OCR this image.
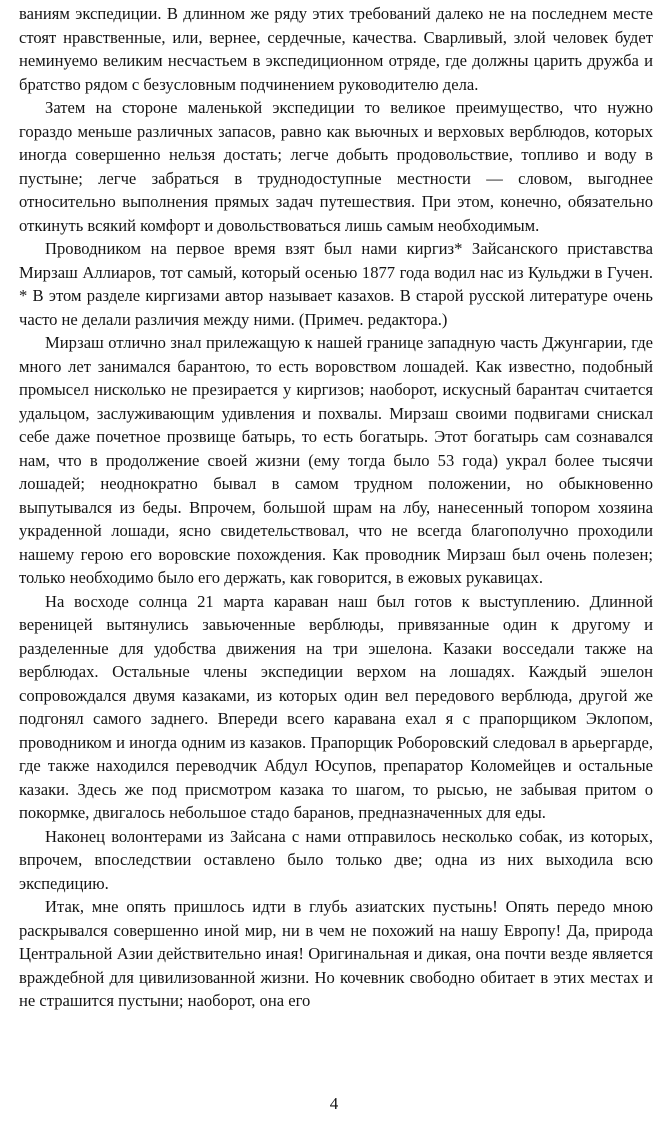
ваниям экспедиции. В длинном же ряду этих требований далеко не на последнем месте стоят нравственные, или, вернее, сердечные, качества. Сварливый, злой человек будет неминуемо великим несчастьем в экспедиционном отряде, где должны царить дружба и братство рядом с безусловным подчинением руководителю дела.

Затем на стороне маленькой экспедиции то великое преимущество, что нужно гораздо меньше различных запасов, равно как вьючных и верховых верблюдов, которых иногда совершенно нельзя достать; легче добыть продовольствие, топливо и воду в пустыне; легче забраться в труднодоступные местности — словом, выгоднее относительно выполнения прямых задач путешествия. При этом, конечно, обязательно откинуть всякий комфорт и довольствоваться лишь самым необходимым.

Проводником на первое время взят был нами киргиз* Зайсанского приставства Мирзаш Аллиаров, тот самый, который осенью 1877 года водил нас из Кульджи в Гучен. * В этом разделе киргизами автор называет казахов. В старой русской литературе очень часто не делали различия между ними. (Примеч. редактора.)

Мирзаш отлично знал прилежащую к нашей границе западную часть Джунгарии, где много лет занимался барантою, то есть воровством лошадей. Как известно, подобный промысел нисколько не презирается у киргизов; наоборот, искусный барантач считается удальцом, заслуживающим удивления и похвалы. Мирзаш своими подвигами снискал себе даже почетное прозвище батырь, то есть богатырь. Этот богатырь сам сознавался нам, что в продолжение своей жизни (ему тогда было 53 года) украл более тысячи лошадей; неоднократно бывал в самом трудном положении, но обыкновенно выпутывался из беды. Впрочем, большой шрам на лбу, нанесенный топором хозяина украденной лошади, ясно свидетельствовал, что не всегда благополучно проходили нашему герою его воровские похождения. Как проводник Мирзаш был очень полезен; только необходимо было его держать, как говорится, в ежовых рукавицах.

На восходе солнца 21 марта караван наш был готов к выступлению. Длинной вереницей вытянулись завьюченные верблюды, привязанные один к другому и разделенные для удобства движения на три эшелона. Казаки восседали также на верблюдах. Остальные члены экспедиции верхом на лошадях. Каждый эшелон сопровождался двумя казаками, из которых один вел передового верблюда, другой же подгонял самого заднего. Впереди всего каравана ехал я с прапорщиком Эклопом, проводником и иногда одним из казаков. Прапорщик Роборовский следовал в арьергарде, где также находился переводчик Абдул Юсупов, препаратор Коломейцев и остальные казаки. Здесь же под присмотром казака то шагом, то рысью, не забывая притом о покормке, двигалось небольшое стадо баранов, предназначенных для еды.

Наконец волонтерами из Зайсана с нами отправилось несколько собак, из которых, впрочем, впоследствии оставлено было только две; одна из них выходила всю экспедицию.

Итак, мне опять пришлось идти в глубь азиатских пустынь! Опять передо мною раскрывался совершенно иной мир, ни в чем не похожий на нашу Европу! Да, природа Центральной Азии действительно иная! Оригинальная и дикая, она почти везде является враждебной для цивилизованной жизни. Но кочевник свободно обитает в этих местах и не страшится пустыни; наоборот, она его

4
